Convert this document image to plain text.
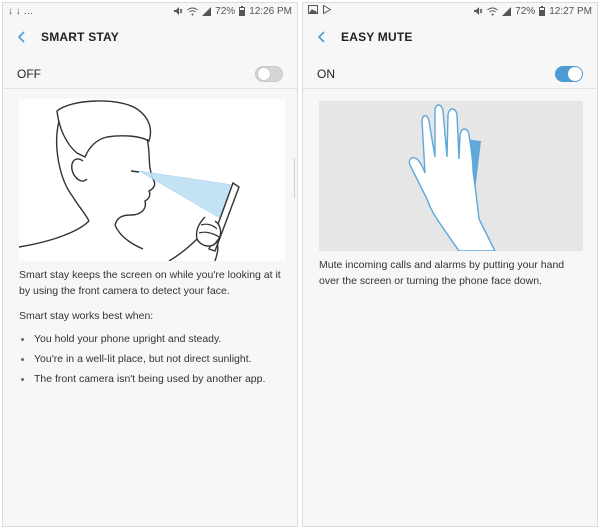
↓ ↓ …	72% 12:26 PM
SMART STAY
OFF

Smart stay keeps the screen on while you're looking at it by using the front camera to detect your face.

Smart stay works best when:
You hold your phone upright and steady.
You're in a well-lit place, but not direct sunlight.
The front camera isn't being used by another app.
72% 12:27 PM
EASY MUTE
ON

Mute incoming calls and alarms by putting your hand over the screen or turning the phone face down.
